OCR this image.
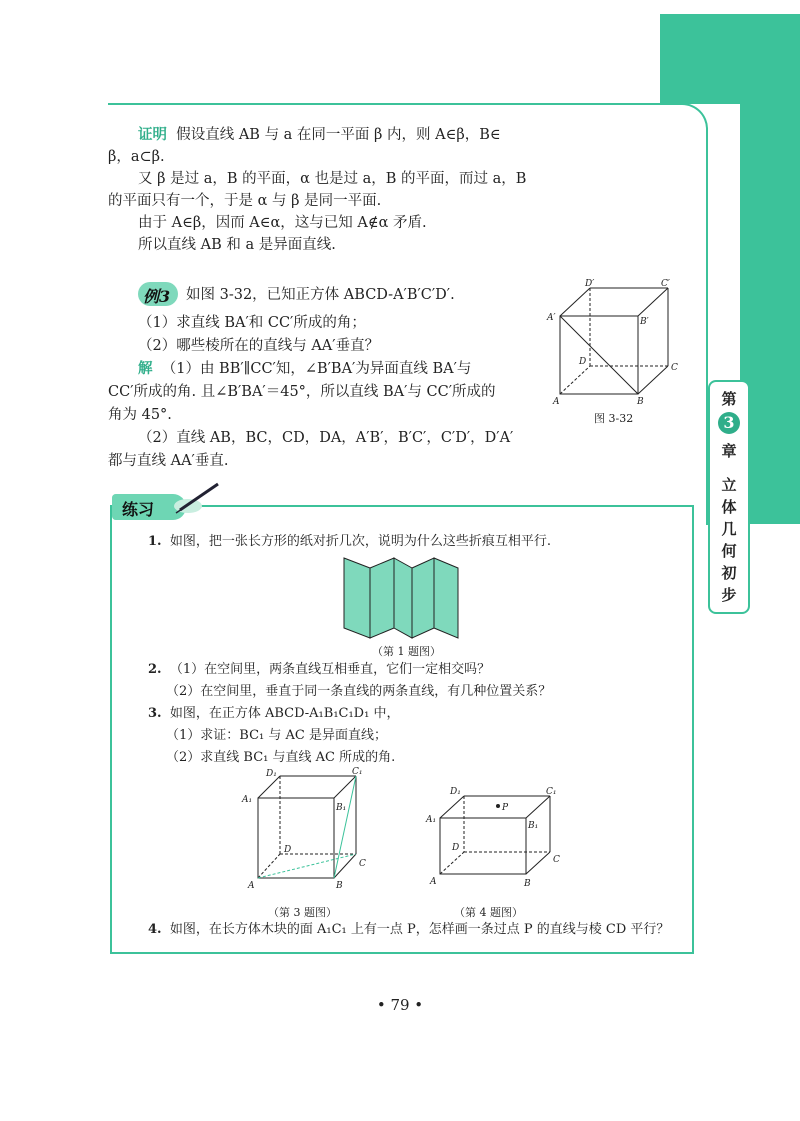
第
3
章
立
体
几
何
初
步
证明 假设直线 AB 与 a 在同一平面 β 内，则 A∈β，B∈
β，a⊂β.
又 β 是过 a，B 的平面，α 也是过 a，B 的平面，而过 a，B
的平面只有一个，于是 α 与 β 是同一平面.
由于 A∈β，因而 A∈α，这与已知 A∉α 矛盾.
所以直线 AB 和 a 是异面直线.
例3 如图 3-32，已知正方体 ABCD-A′B′C′D′.
（1）求直线 BA′和 CC′所成的角；
（2）哪些棱所在的直线与 AA′垂直？
解 （1）由 BB′∥CC′知，∠B′BA′为异面直线 BA′与
CC′所成的角. 且∠B′BA′＝45°，所以直线 BA′与 CC′所成的
角为 45°.
（2）直线 AB，BC，CD，DA，A′B′，B′C′，C′D′，D′A′
都与直线 AA′垂直.
D′	C′
A′	B′
D
C
A	B
图 3-32
练习
1. 如图，把一张长方形的纸对折几次，说明为什么这些折痕互相平行.
（第 1 题图）
2. （1）在空间里，两条直线互相垂直，它们一定相交吗？
（2）在空间里，垂直于同一条直线的两条直线，有几种位置关系？
3. 如图，在正方体 ABCD-A₁B₁C₁D₁ 中，
（1）求证：BC₁ 与 AC 是异面直线；
（2）求直线 BC₁ 与直线 AC 所成的角.
D₁	C₁
A₁
B₁
D
C
A	B
（第 3 题图）
P
D₁	C₁
A₁
B₁
D
C
A	B
（第 4 题图）
4. 如图，在长方体木块的面 A₁C₁ 上有一点 P，怎样画一条过点 P 的直线与棱 CD 平行？
• 79 •
